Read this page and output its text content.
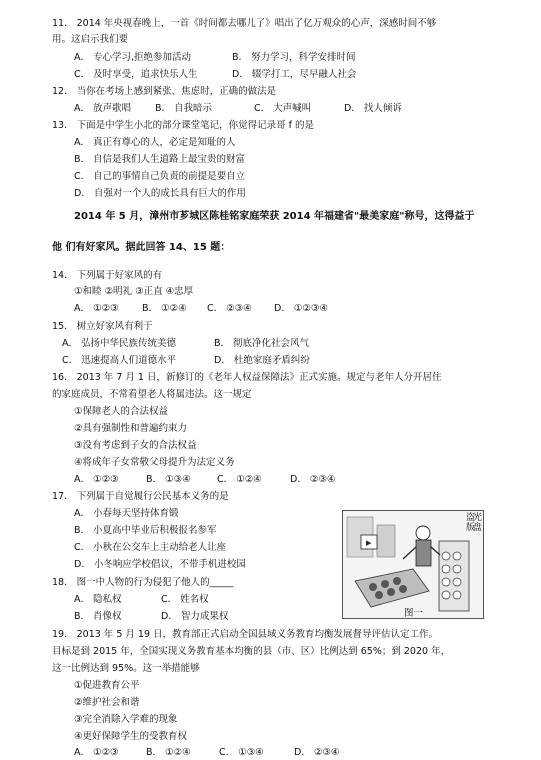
11． 2014 年央视春晚上，一首《时间都去哪儿了》唱出了亿万观众的心声，深感时间不够
用。这启示我们要
A． 专心学习,拒绝参加活动	B． 努力学习，科学安排时间
C． 及时享受，追求快乐人生	D． 辍学打工，尽早融人社会
12． 当你在考场上感到紧张、焦虑时，正确的做法是
A． 放声歌唱	B． 自我暗示	C． 大声喊叫	D． 找人倾诉
13． 下面是中学生小北的部分课堂笔记，你觉得记录哥 f 的是
A． 真正有尊心的人，必定是知耻的人
B． 自信是我们人生道路上最宝贵的财富
C． 自己的事情自己负责的前提是要自立
D． 自强对一个人的成长具有巨大的作用
2014 年 5 月，漳州市芗城区陈桂铭家庭荣获 2014 年福建省"最美家庭"称号，这得益于
他 们有好家风。据此回答 14、15 题：
14． 下列属于好家风的有
①和睦 ②明礼 ③正直 ④忠厚
A． ①②③ B． ①②④ C． ②③④ D． ①②③④
15． 树立好家风有利于
A． 弘扬中华民族传统美德	B． 彻底净化社会风气
C． 迅速提高人们道德水平	D． 杜绝家庭矛盾纠纷
16． 2013 年 7 月 1 日，新修订的《老年人权益保障法》正式实施。规定与老年人分开居住
的家庭成员，不常看望老人将属违法。这一规定
①保障老人的合法权益
②具有强制性和普遍约束力
③没有考虑到子女的合法权益
④将成年子女常敬父母提升为法定义务
A． ①②③	B． ①③④	C． ①②④	D． ②③④
17． 下列属于自觉履行公民基本义务的是
A． 小春每天坚持体育锻
B． 小夏高中毕业后积极报名参军
C． 小秋在公交车上主动给老人让座
D． 小冬响应学校倡议，不带手机进校园
18． 图一中人物的行为侵犯了他人的_____
A． 隐私权	C． 姓名权
B． 肖像权	D． 智力成果权
▶
盗
版
光
盘
图一
19． 2013 年 5 月 19 日，教育部正式启动全国县域义务教育均衡发展督导评估认定工作。
目标是到 2015 年，全国实现义务教育基本均衡的县（市、区）比例达到 65%；到 2020 年，
这一比例达到 95%。这一举措能够
①促进教育公平
②维护社会和谐
③完全消除入学难的现象
④更好保障学生的受教育权
A． ①②③	B． ①②④	C． ①③④	D． ②③④
